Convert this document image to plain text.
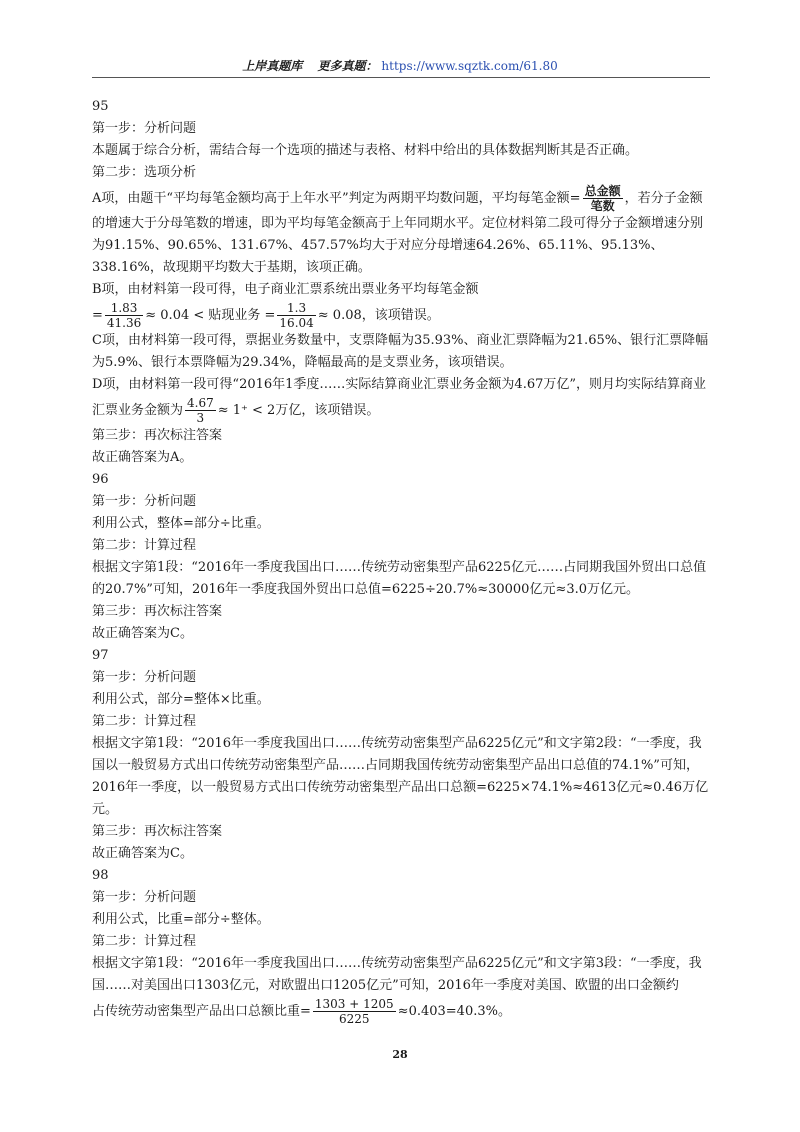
上岸真题库 更多真题： https://www.sqztk.com/61.80

95

第一步：分析问题

本题属于综合分析，需结合每一个选项的描述与表格、材料中给出的具体数据判断其是否正确。

第二步：选项分析

A项，由题干“平均每笔金额均高于上年水平”判定为两期平均数问题，平均每笔金额= $\frac{\text{总金额}}{\text{笔数}}$ ，若分子金额的增速大于分母笔数的增速，即为平均每笔金额高于上年同期水平。定位材料第二段可得分子金额增速分别为91.15%、90.65%、131.67%、457.57%均大于对应分母增速64.26%、65.11%、95.13%、338.16%，故现期平均数大于基期，该项正确。

B项，由材料第一段可得，电子商业汇票系统出票业务平均每笔金额

= $\frac{1.83}{41.36} \approx 0.04$ < 贴现业务 = $\frac{1.3}{16.04} \approx 0.08$，该项错误。

C项，由材料第一段可得，票据业务数量中，支票降幅为35.93%、商业汇票降幅为21.65%、银行汇票降幅为5.9%、银行本票降幅为29.34%，降幅最高的是支票业务，该项错误。

D项，由材料第一段可得“2016年1季度……实际结算商业汇票业务金额为4.67万亿”，则月均实际结算商业汇票业务金额为 $\frac{4.67}{3} \approx 1^+ < 2$万亿，该项错误。

第三步：再次标注答案

故正确答案为A。

96

第一步：分析问题

利用公式，整体=部分÷比重。

第二步：计算过程

根据文字第1段：“2016年一季度我国出口……传统劳动密集型产品6225亿元……占同期我国外贸出口总值的20.7%”可知，2016年一季度我国外贸出口总值=6225÷20.7%≈30000亿元≈3.0万亿元。

第三步：再次标注答案

故正确答案为C。

97

第一步：分析问题

利用公式，部分=整体×比重。

第二步：计算过程

根据文字第1段：“2016年一季度我国出口……传统劳动密集型产品6225亿元”和文字第2段：“一季度，我国以一般贸易方式出口传统劳动密集型产品……占同期我国传统劳动密集型产品出口总值的74.1%”可知，2016年一季度，以一般贸易方式出口传统劳动密集型产品出口总额=6225×74.1%≈4613亿元≈0.46万亿元。

第三步：再次标注答案

故正确答案为C。

98

第一步：分析问题

利用公式，比重=部分÷整体。

第二步：计算过程

根据文字第1段：“2016年一季度我国出口……传统劳动密集型产品6225亿元”和文字第3段：“一季度，我国……对美国出口1303亿元，对欧盟出口1205亿元”可知，2016年一季度对美国、欧盟的出口金额约

占传统劳动密集型产品出口总额比重= $\frac{1303 + 1205}{6225} \approx 0.403=40.3\%$。

28
